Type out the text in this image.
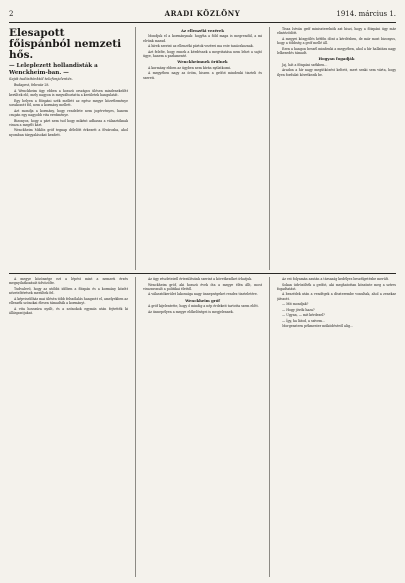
2	ARADI KÖZLÖNY	1914. március 1.
Elesapott főispánból nemzeti hős.
— Leleplezett hollandisták a Wenckheim-ban. —

Saját tudósítónktól telefonjelentés.

Budapest, február 28.

A Wenckheim ügy ebben a hosszú országos ülésen mindenekelőtt kerültek elő, mely nagyon is megváltoztatta a kerületek hangulatát.

Egy helyen a főispáni szék mellett az egész megye közvéleménye sorakozott föl, nem a kormány mellett.

Azt mondja a kormány, hogy rendelete nem jogérvényes, hanem csupán egy nagyobb vita eredménye.

Bizonyos, hogy a párt nem tud hogy miként adhassa a választóknak vissza a megélt kárt.

Wenckheim Miklós gróf tegnap délelőtt érkezett a fővárosba, ahol nyomban tárgyalásokat kezdett.

Az ellenzéki vezérek

Mondjuk el a kormánynak: hogyha a föld maga is megrendül, a mi elvünk marad.

A hírek szerint az ellenzéki pártok vezérei ma este tanácskoznak.

Azt felelte, hogy ennek a kérdésnek a megvitatása nem lehet a sajtó ügye, hanem a parlamenté.

Wenckheimnek örülnek

A kormány ebben az ügyben nem kíván nyilatkozni.

A megyében nagy az öröm, hiszen a grófot mindenki tiszteli és szereti.

Tisza István gróf miniszterelnök azt hiszi, hogy a főispáni ügy már elintéződött.

A megyei közgyűlés hétfőn dönt a kérdésben, de már most bizonyos, hogy a többség a gróf mellé áll.

Ezen a hangon beszél mindenki a megyében, ahol a hír hallatára nagy lelkesedés támadt.

Hogyan fogadják

Jaj, hát a főispáni székben…

Aradon a hír nagy megütközést keltett, mert senki sem várta, hogy ilyen fordulat következik be.

A megye közönsége ezt a lépést mint a nemzeti érzés megnyilatkozását üdvözölte.

Tudvalevő, hogy az utóbbi időben a főispán és a kormány között nézeteltérések merültek fel.

A képviselőház mai ülésén több felszólalás hangzott el, amelyekben az ellenzék szónokai élesen támadták a kormányt.

A vita hosszúra nyúlt, és a szónokok egymás után fejtették ki álláspontjukat.

Az ügy részleteiről értesülésünk szerint a következőket írhatjuk.

Wenckheim gróf, aki hosszú évek óta a megye élén állt, most visszavonult a politikai élettől.

A választókerület lakossága nagy ünnepségeket rendez tiszteletére.

Wenckheim gróf

A gróf kijelentette, hogy ő mindig a nép érdekeit tartotta szem előtt.

Az ünnepélyen a megye előkelőségei is megjelennek.

Az est folyamán azután a társaság kedélyes beszélgetésbe merült.

Sokan üdvözölték a grófot, aki meghatottan köszönte meg a szíves fogadtatást.

A beszédek után a vendégek a díszterembe vonultak, ahol a zenekar játszott.

— Mit mondjak?

— Hogy jövök haza?

— Ugyan, — mit kérdezel?

— Így, ha látod, a szívem…

Morgenstern pékmester működéséről alig…
